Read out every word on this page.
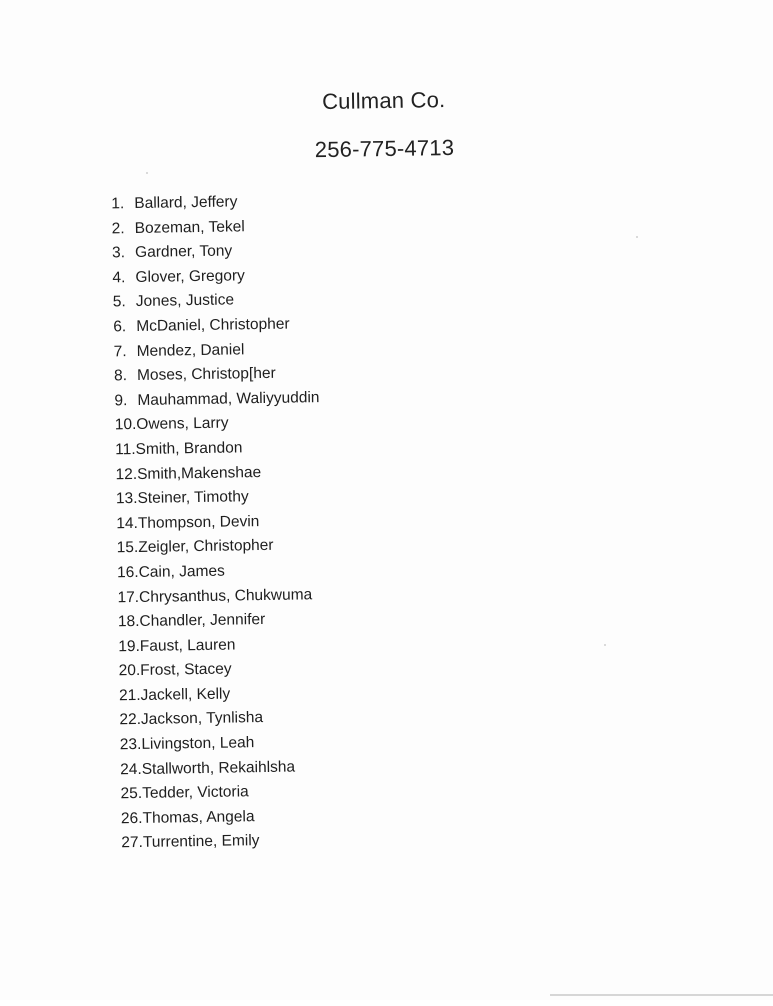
Cullman Co.
256-775-4713
1. Ballard, Jeffery
2. Bozeman, Tekel
3. Gardner, Tony
4. Glover, Gregory
5. Jones, Justice
6. McDaniel, Christopher
7. Mendez, Daniel
8. Moses, Christop[her
9. Mauhammad, Waliyyuddin
10.Owens, Larry
11.Smith, Brandon
12.Smith,Makenshae
13.Steiner, Timothy
14.Thompson, Devin
15.Zeigler, Christopher
16.Cain, James
17.Chrysanthus, Chukwuma
18.Chandler, Jennifer
19.Faust, Lauren
20.Frost, Stacey
21.Jackell, Kelly
22.Jackson, Tynlisha
23.Livingston, Leah
24.Stallworth, Rekaihlsha
25.Tedder, Victoria
26.Thomas, Angela
27.Turrentine, Emily
